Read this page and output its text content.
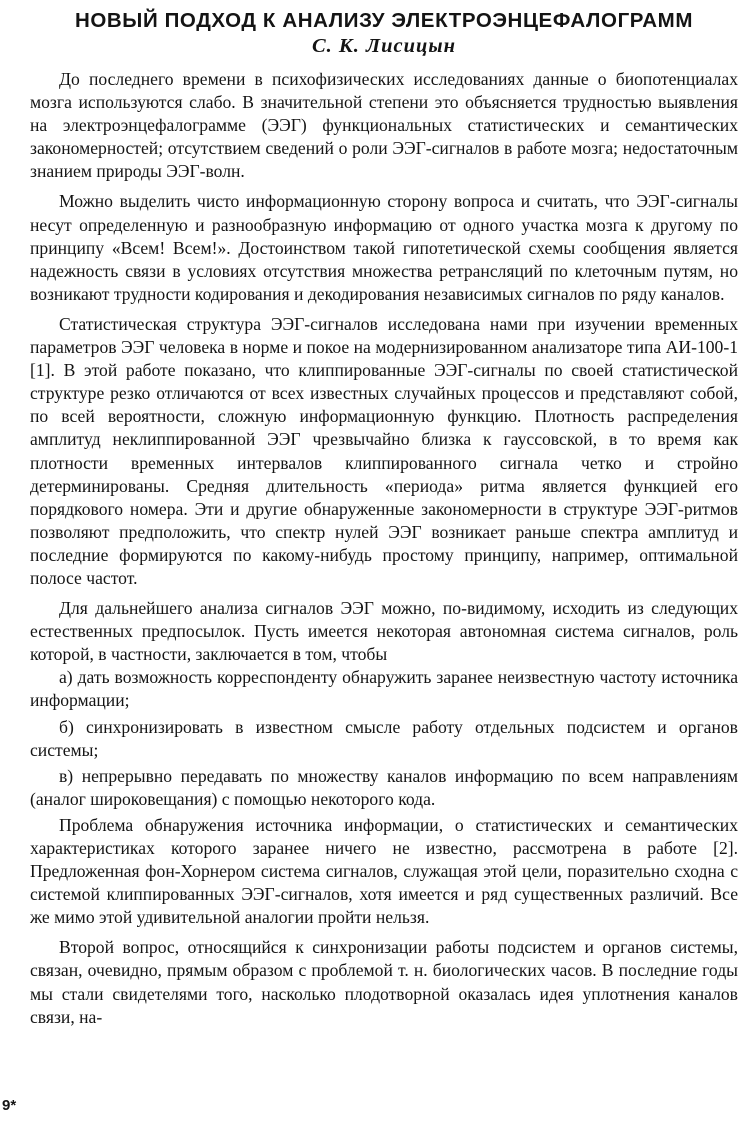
НОВЫЙ ПОДХОД К АНАЛИЗУ ЭЛЕКТРОЭНЦЕФАЛОГРАММ
С. К. Лисицын

До последнего времени в психофизических исследованиях данные о биопотенциалах мозга используются слабо. В значительной степени это объясняется трудностью выявления на электроэнцефалограмме (ЭЭГ) функциональных статистических и семантических закономерностей; отсутствием сведений о роли ЭЭГ-сигналов в работе мозга; недостаточным знанием природы ЭЭГ-волн.

Можно выделить чисто информационную сторону вопроса и считать, что ЭЭГ-сигналы несут определенную и разнообразную информацию от одного участка мозга к другому по принципу «Всем! Всем!». Достоинством такой гипотетической схемы сообщения является надежность связи в условиях отсутствия множества ретрансляций по клеточным путям, но возникают трудности кодирования и декодирования независимых сигналов по ряду каналов.

Статистическая структура ЭЭГ-сигналов исследована нами при изучении временных параметров ЭЭГ человека в норме и покое на модернизированном анализаторе типа АИ-100-1 [1]. В этой работе показано, что клиппированные ЭЭГ-сигналы по своей статистической структуре резко отличаются от всех известных случайных процессов и представляют собой, по всей вероятности, сложную информационную функцию. Плотность распределения амплитуд неклиппированной ЭЭГ чрезвычайно близка к гауссовской, в то время как плотности временных интервалов клиппированного сигнала четко и стройно детерминированы. Средняя длительность «периода» ритма является функцией его порядкового номера. Эти и другие обнаруженные закономерности в структуре ЭЭГ-ритмов позволяют предположить, что спектр нулей ЭЭГ возникает раньше спектра амплитуд и последние формируются по какому-нибудь простому принципу, например, оптимальной полосе частот.

Для дальнейшего анализа сигналов ЭЭГ можно, по-видимому, исходить из следующих естественных предпосылок. Пусть имеется некоторая автономная система сигналов, роль которой, в частности, заключается в том, чтобы

а) дать возможность корреспонденту обнаружить заранее неизвестную частоту источника информации;

б) синхронизировать в известном смысле работу отдельных подсистем и органов системы;

в) непрерывно передавать по множеству каналов информацию по всем направлениям (аналог широковещания) с помощью некоторого кода.

Проблема обнаружения источника информации, о статистических и семантических характеристиках которого заранее ничего не известно, рассмотрена в работе [2]. Предложенная фон-Хорнером система сигналов, служащая этой цели, поразительно сходна с системой клиппированных ЭЭГ-сигналов, хотя имеется и ряд существенных различий. Все же мимо этой удивительной аналогии пройти нельзя.

Второй вопрос, относящийся к синхронизации работы подсистем и органов системы, связан, очевидно, прямым образом с проблемой т. н. биологических часов. В последние годы мы стали свидетелями того, насколько плодотворной оказалась идея уплотнения каналов связи, на-

9*
